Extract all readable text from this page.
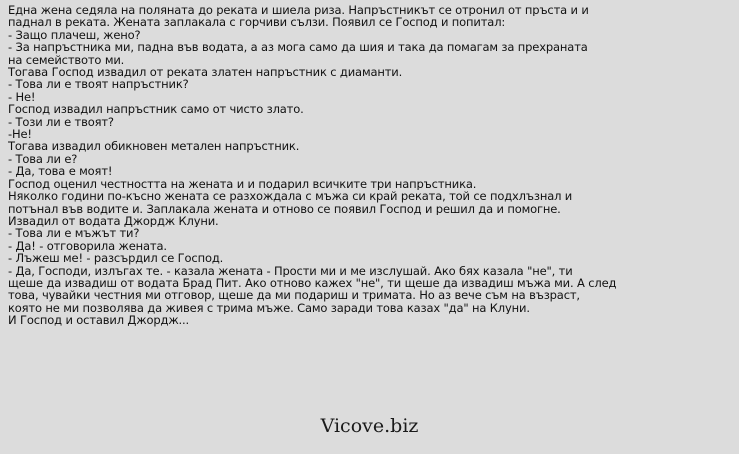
Една жена седяла на поляната до реката и шиела риза. Напръстникът се отронил от пръста и и
паднал в реката. Жената заплакала с горчиви сълзи. Появил се Господ и попитал:
- Защо плачеш, жено?
- За напръстника ми, падна във водата, а аз мога само да шия и така да помагам за прехраната
на семейството ми.
Тогава Господ извадил от реката златен напръстник с диаманти.
- Това ли е твоят напръстник?
- Не!
Господ извадил напръстник само от чисто злато.
- Този ли е твоят?
-Не!
Тогава извадил обикновен метален напръстник.
- Това ли е?
- Да, това е моят!
Господ оценил честността на жената и и подарил всичките три напръстника.
Няколко години по-късно жената се разхождала с мъжа си край реката, той се подхлъзнал и
потънал във водите и. Заплакала жената и отново се появил Господ и решил да и помогне.
Извадил от водата Джордж Клуни.
- Това ли е мъжът ти?
- Да! - отговорила жената.
- Лъжеш ме! - разсърдил се Господ.
- Да, Господи, излъгах те. - казала жената - Прости ми и ме изслушай. Ако бях казала "не", ти
щеше да извадиш от водата Брад Пит. Ако отново кажех "не", ти щеше да извадиш мъжа ми. А след
това, чувайки честния ми отговор, щеше да ми подариш и тримата. Но аз вече съм на възраст,
която не ми позволява да живея с трима мъже. Само заради това казах "да" на Клуни.
И Господ и оставил Джордж...
Vicove.biz
